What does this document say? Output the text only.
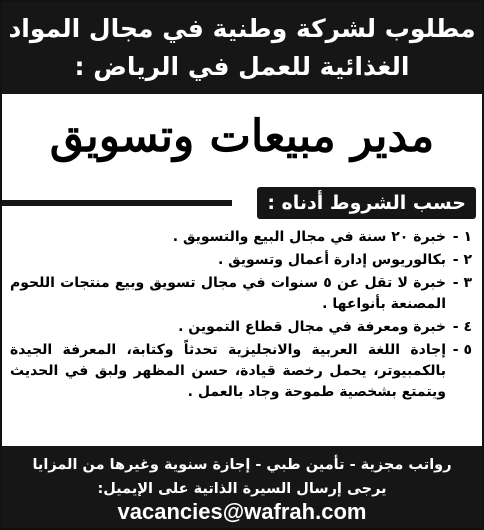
مطلوب لشركة وطنية في مجال المواد
الغذائية للعمل في الرياض :
مدير مبيعات وتسويق
حسب الشروط أدناه :
١ -
خبرة ٢٠ سنة في مجال البيع والتسويق .
٢ -
بكالوريوس إدارة أعمال وتسويق .
٣ -
خبرة لا تقل عن ٥ سنوات في مجال تسويق وبيع منتجات اللحوم المصنعة بأنواعها .
٤ -
خبرة ومعرفة في مجال قطاع التموين .
٥ -
إجادة اللغة العربية والانجليزية تحدثاً وكتابة، المعرفة الجيدة بالكمبيوتر، يحمل رخصة قيادة، حسن المظهر ولبق في الحديث ويتمتع بشخصية طموحة وجاد بالعمل .
رواتب مجزية - تأمين طبي - إجازة سنوية وغيرها من المزايا
يرجى إرسال السيرة الذاتية على الإيميل:
vacancies@wafrah.com
